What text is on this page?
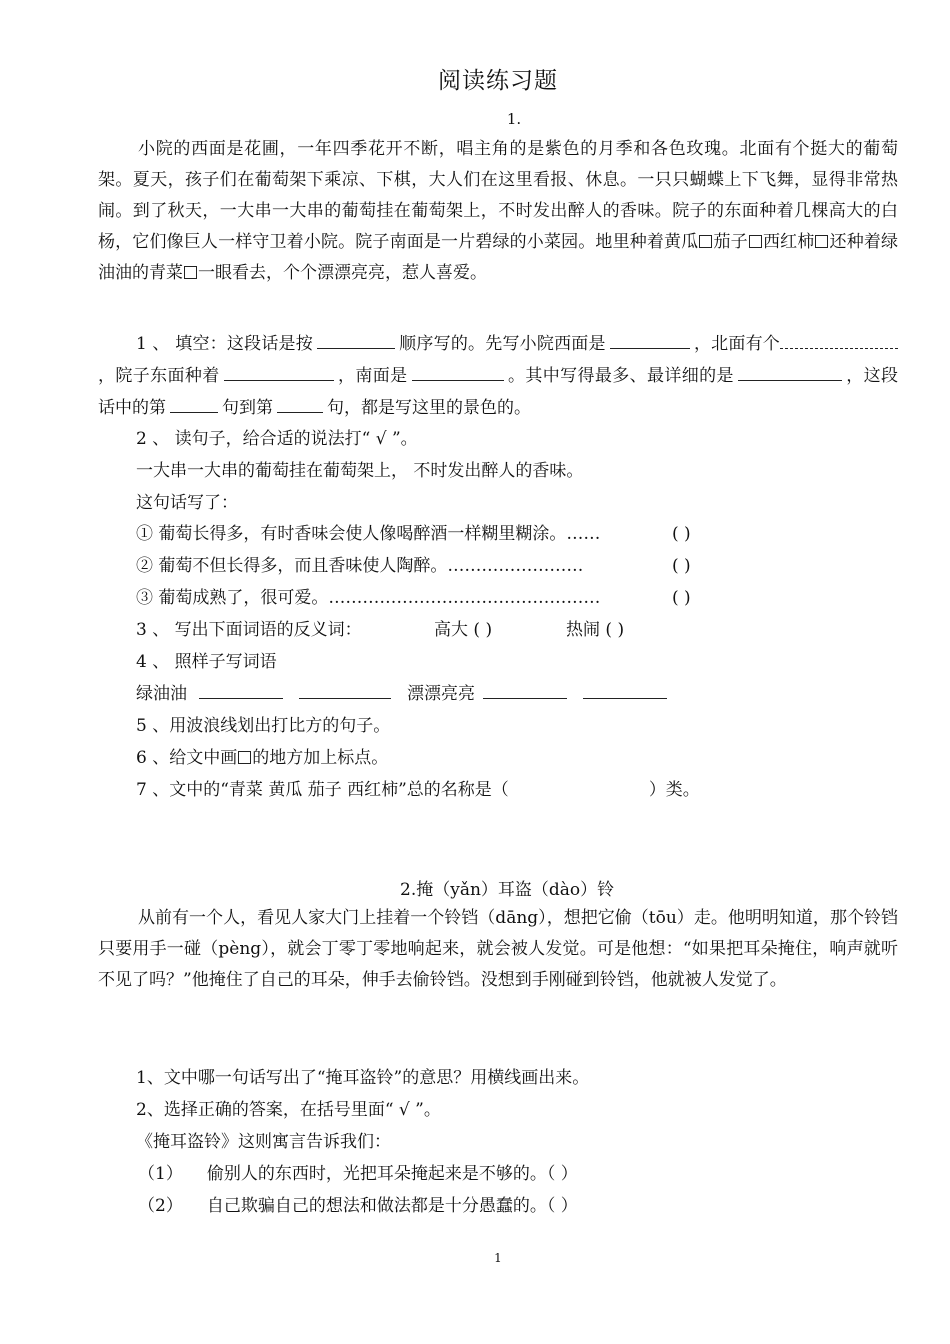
阅读练习题
1.
小院的西面是花圃，一年四季花开不断，唱主角的是紫色的月季和各色玫瑰。北面有个挺大的葡萄架。夏天，孩子们在葡萄架下乘凉、下棋，大人们在这里看报、休息。一只只蝴蝶上下飞舞，显得非常热闹。到了秋天，一大串一大串的葡萄挂在葡萄架上，不时发出醉人的香味。院子的东面种着几棵高大的白杨，它们像巨人一样守卫着小院。院子南面是一片碧绿的小菜园。地里种着黄瓜 茄子 西红柿 还种着绿油油的青菜 一眼看去，个个漂漂亮亮，惹人喜爱。
1 、 填空：这段话是按	顺序写的。先写小院西面是	，北面有个，院子东面种着	，南面是	。其中写得最多、最详细的是	，这段话中的第	句到第	句，都是写这里的景色的。
2 、 读句子，给合适的说法打“ √ ”。
一大串一大串的葡萄挂在葡萄架上， 不时发出醉人的香味。
这句话写了：
① 葡萄长得多，有时香味会使人像喝醉酒一样糊里糊涂。……	( )
② 葡萄不但长得多，而且香味使人陶醉。……………………	( )
③ 葡萄成熟了，很可爱。…………………………………………	( )
3 、 写出下面词语的反义词：	高大 ( )	热闹 ( )
4 、 照样子写词语
绿油油	漂漂亮亮
5 、用波浪线划出打比方的句子。
6 、给文中画 的地方加上标点。
7 、文中的“青菜 黄瓜 茄子 西红柿”总的名称是（	）类。
2.掩（yǎn）耳盗（dào）铃
从前有一个人，看见人家大门上挂着一个铃铛（dāng），想把它偷（tōu）走。他明明知道，那个铃铛只要用手一碰（pèng），就会丁零丁零地响起来，就会被人发觉。可是他想：“如果把耳朵掩住，响声就听不见了吗？”他掩住了自己的耳朵，伸手去偷铃铛。没想到手刚碰到铃铛，他就被人发觉了。
1、文中哪一句话写出了“掩耳盗铃”的意思？用横线画出来。
2、选择正确的答案，在括号里面“ √ ”。
《掩耳盗铃》这则寓言告诉我们：
（1） 偷别人的东西时，光把耳朵掩起来是不够的。（ ）
（2） 自己欺骗自己的想法和做法都是十分愚蠢的。（ ）
1
